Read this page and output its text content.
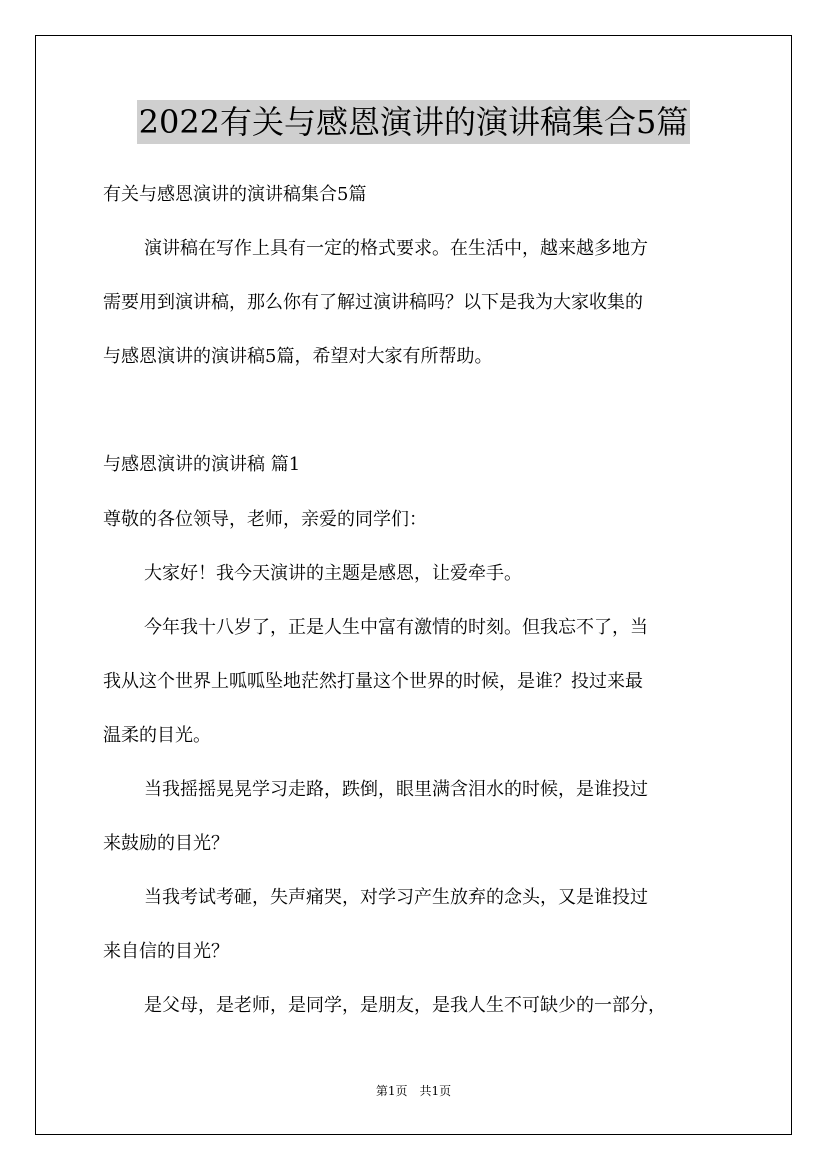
2022有关与感恩演讲的演讲稿集合5篇
有关与感恩演讲的演讲稿集合5篇
演讲稿在写作上具有一定的格式要求。在生活中，越来越多地方
需要用到演讲稿，那么你有了解过演讲稿吗？以下是我为大家收集的
与感恩演讲的演讲稿5篇，希望对大家有所帮助。
与感恩演讲的演讲稿 篇1
尊敬的各位领导，老师，亲爱的同学们：
大家好！我今天演讲的主题是感恩，让爱牵手。
今年我十八岁了，正是人生中富有激情的时刻。但我忘不了，当
我从这个世界上呱呱坠地茫然打量这个世界的时候，是谁？投过来最
温柔的目光。
当我摇摇晃晃学习走路，跌倒，眼里满含泪水的时候，是谁投过
来鼓励的目光？
当我考试考砸，失声痛哭，对学习产生放弃的念头，又是谁投过
来自信的目光？
是父母，是老师，是同学，是朋友，是我人生不可缺少的一部分，
第1页　共1页
